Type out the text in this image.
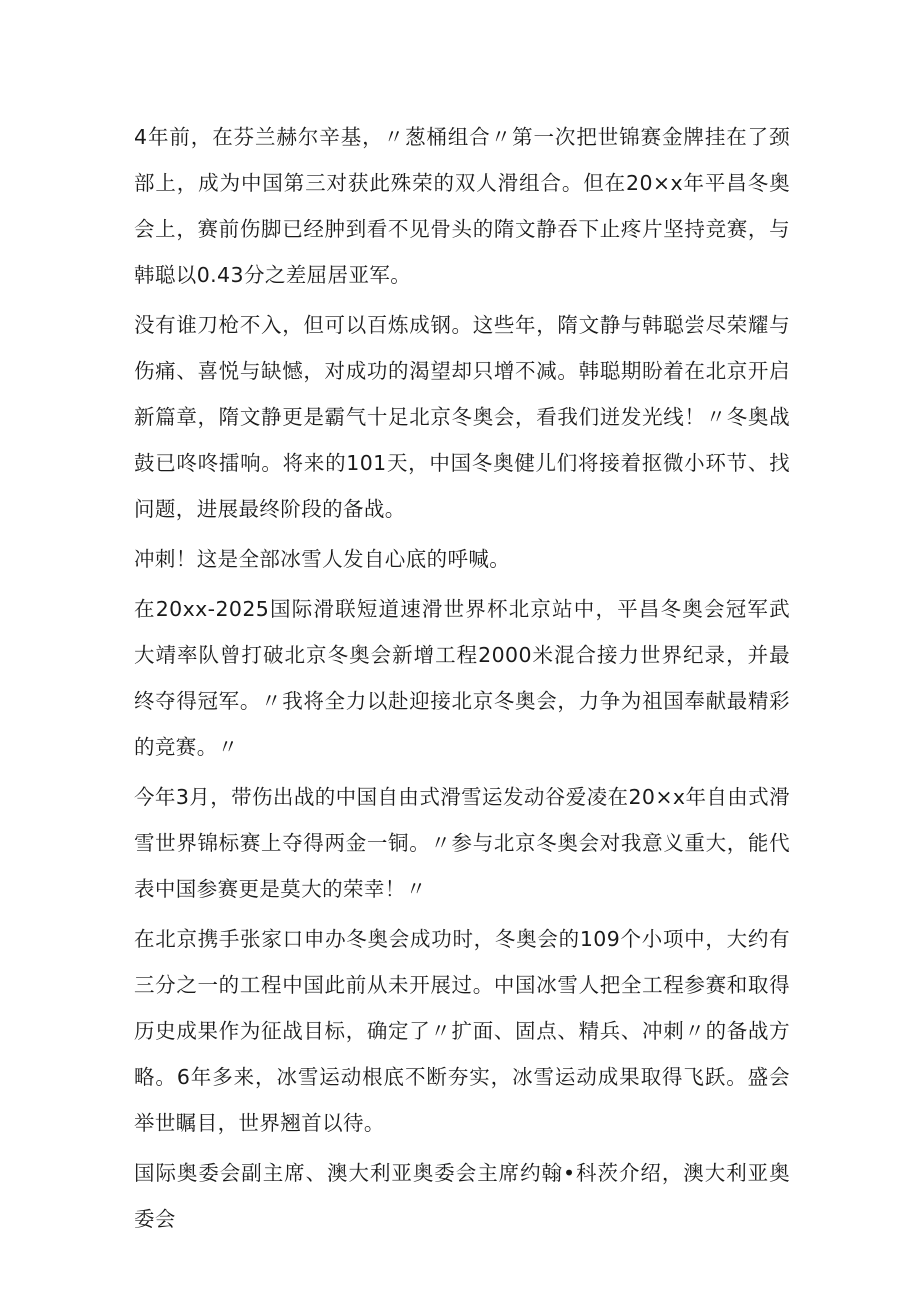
4年前，在芬兰赫尔辛基，〃葱桶组合〃第一次把世锦赛金牌挂在了颈部上，成为中国第三对获此殊荣的双人滑组合。但在20×x年平昌冬奥会上，赛前伤脚已经肿到看不见骨头的隋文静吞下止疼片坚持竞赛，与韩聪以0.43分之差屈居亚军。

没有谁刀枪不入，但可以百炼成钢。这些年，隋文静与韩聪尝尽荣耀与伤痛、喜悦与缺憾，对成功的渴望却只增不减。韩聪期盼着在北京开启新篇章，隋文静更是霸气十足北京冬奥会，看我们迸发光线！〃冬奥战鼓已咚咚擂响。将来的101天，中国冬奥健儿们将接着抠微小环节、找问题，进展最终阶段的备战。

冲刺！这是全部冰雪人发自心底的呼喊。

在20xx-2025国际滑联短道速滑世界杯北京站中，平昌冬奥会冠军武大靖率队曾打破北京冬奥会新增工程2000米混合接力世界纪录，并最终夺得冠军。〃我将全力以赴迎接北京冬奥会，力争为祖国奉献最精彩的竞赛。〃

今年3月，带伤出战的中国自由式滑雪运发动谷爱凌在20×x年自由式滑雪世界锦标赛上夺得两金一铜。〃参与北京冬奥会对我意义重大，能代表中国参赛更是莫大的荣幸！〃

在北京携手张家口申办冬奥会成功时，冬奥会的109个小项中，大约有三分之一的工程中国此前从未开展过。中国冰雪人把全工程参赛和取得历史成果作为征战目标，确定了〃扩面、固点、精兵、冲刺〃的备战方略。6年多来，冰雪运动根底不断夯实，冰雪运动成果取得飞跃。盛会举世瞩目，世界翘首以待。

国际奥委会副主席、澳大利亚奥委会主席约翰•科茨介绍，澳大利亚奥委会
